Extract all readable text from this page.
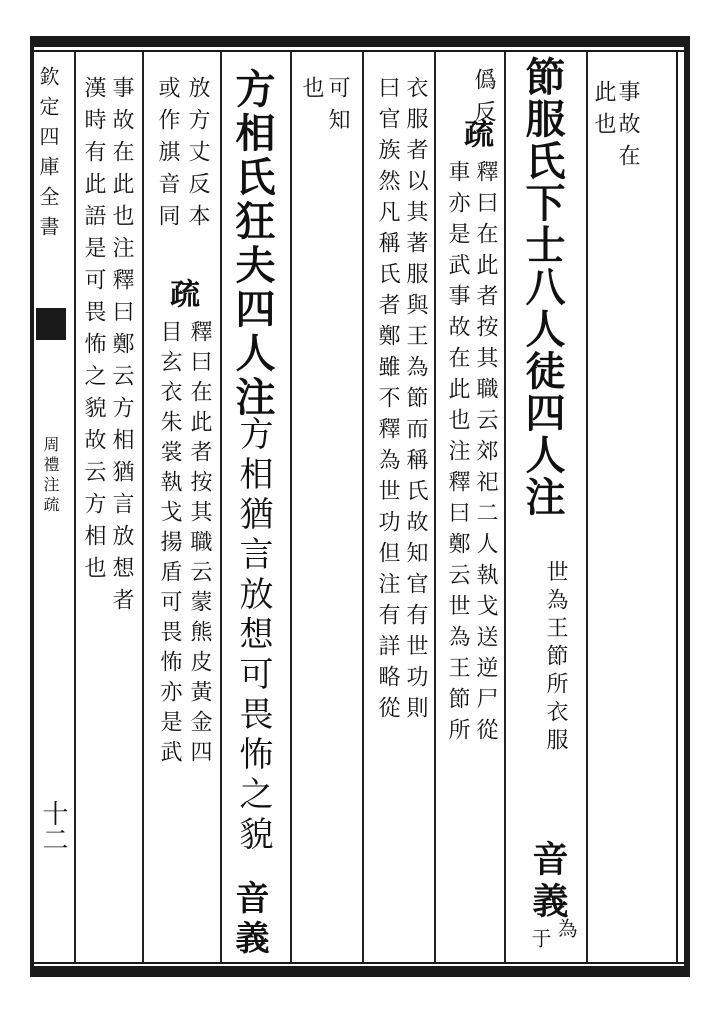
欽定四庫全書
周禮注疏
十二
事故在
此也
節服氏下士八人徒四人注
世為王節所衣服
音義
為
于
僞反
疏
釋曰在此者按其職云郊祀二人執戈送逆尸從
車亦是武事故在此也注釋曰鄭云世為王節所
衣服者以其著服與王為節而稱氏故知官有世功則
曰官族然凡稱氏者鄭雖不釋為世功但注有詳略從
可知
也
方相氏狂夫四人注
方相猶言放想可畏怖之貌
音義
放方丈反本
或作𣄃音同
疏
釋曰在此者按其職云蒙熊皮黃金四
目玄衣朱裳執戈揚盾可畏怖亦是武
事故在此也注釋曰鄭云方相猶言放想者
漢時有此語是可畏怖之貌故云方相也
